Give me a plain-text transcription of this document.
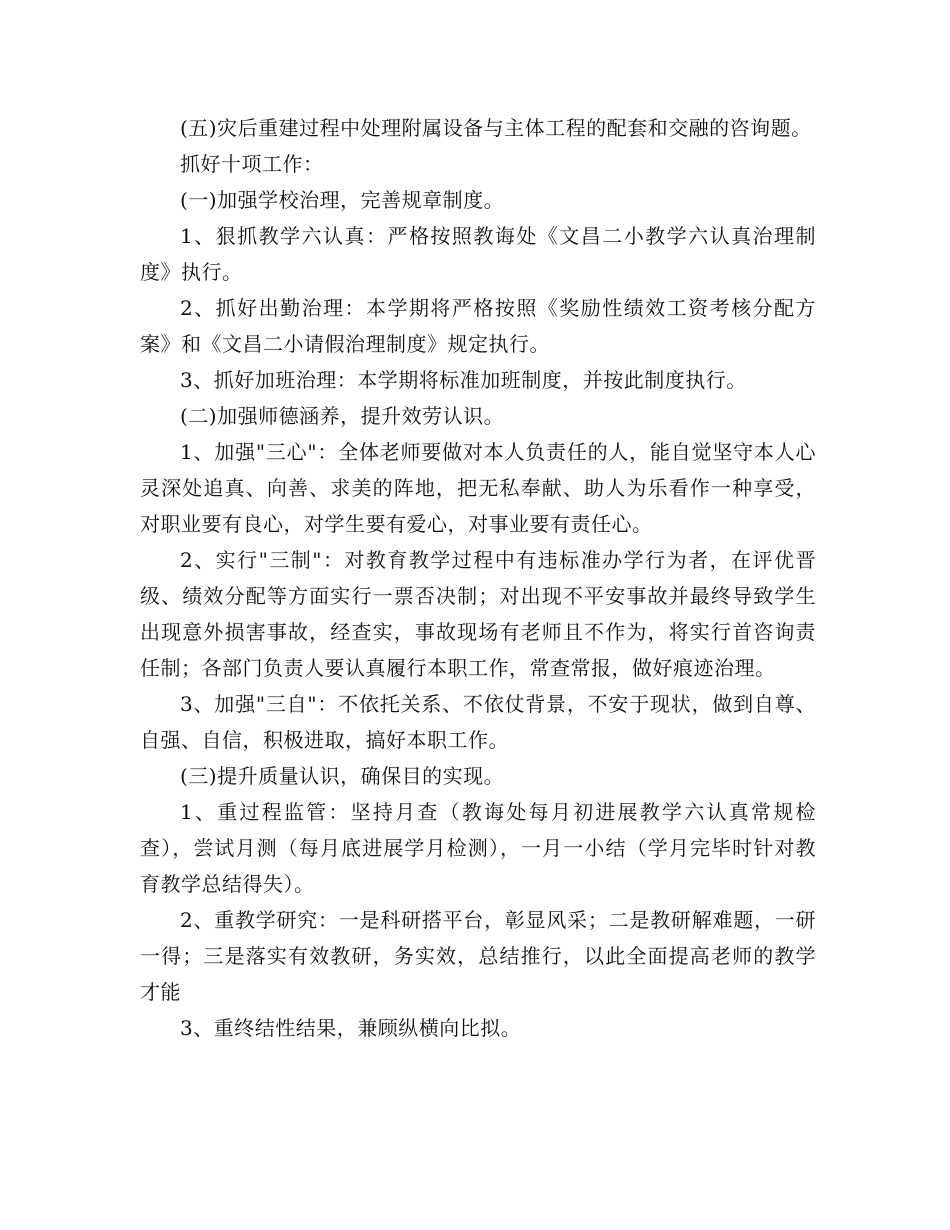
(五)灾后重建过程中处理附属设备与主体工程的配套和交融的咨询题。

抓好十项工作：

(一)加强学校治理，完善规章制度。

1、狠抓教学六认真：严格按照教诲处《文昌二小教学六认真治理制度》执行。

2、抓好出勤治理：本学期将严格按照《奖励性绩效工资考核分配方案》和《文昌二小请假治理制度》规定执行。

3、抓好加班治理：本学期将标准加班制度，并按此制度执行。

(二)加强师德涵养，提升效劳认识。

1、加强"三心"：全体老师要做对本人负责任的人，能自觉坚守本人心灵深处追真、向善、求美的阵地，把无私奉献、助人为乐看作一种享受，对职业要有良心，对学生要有爱心，对事业要有责任心。

2、实行"三制"：对教育教学过程中有违标准办学行为者，在评优晋级、绩效分配等方面实行一票否决制；对出现不平安事故并最终导致学生出现意外损害事故，经查实，事故现场有老师且不作为，将实行首咨询责任制；各部门负责人要认真履行本职工作，常查常报，做好痕迹治理。

3、加强"三自"：不依托关系、不依仗背景，不安于现状，做到自尊、自强、自信，积极进取，搞好本职工作。

(三)提升质量认识，确保目的实现。

1、重过程监管：坚持月查（教诲处每月初进展教学六认真常规检查），尝试月测（每月底进展学月检测），一月一小结（学月完毕时针对教育教学总结得失）。

2、重教学研究：一是科研搭平台，彰显风采；二是教研解难题，一研一得；三是落实有效教研，务实效，总结推行，以此全面提高老师的教学才能

3、重终结性结果，兼顾纵横向比拟。
